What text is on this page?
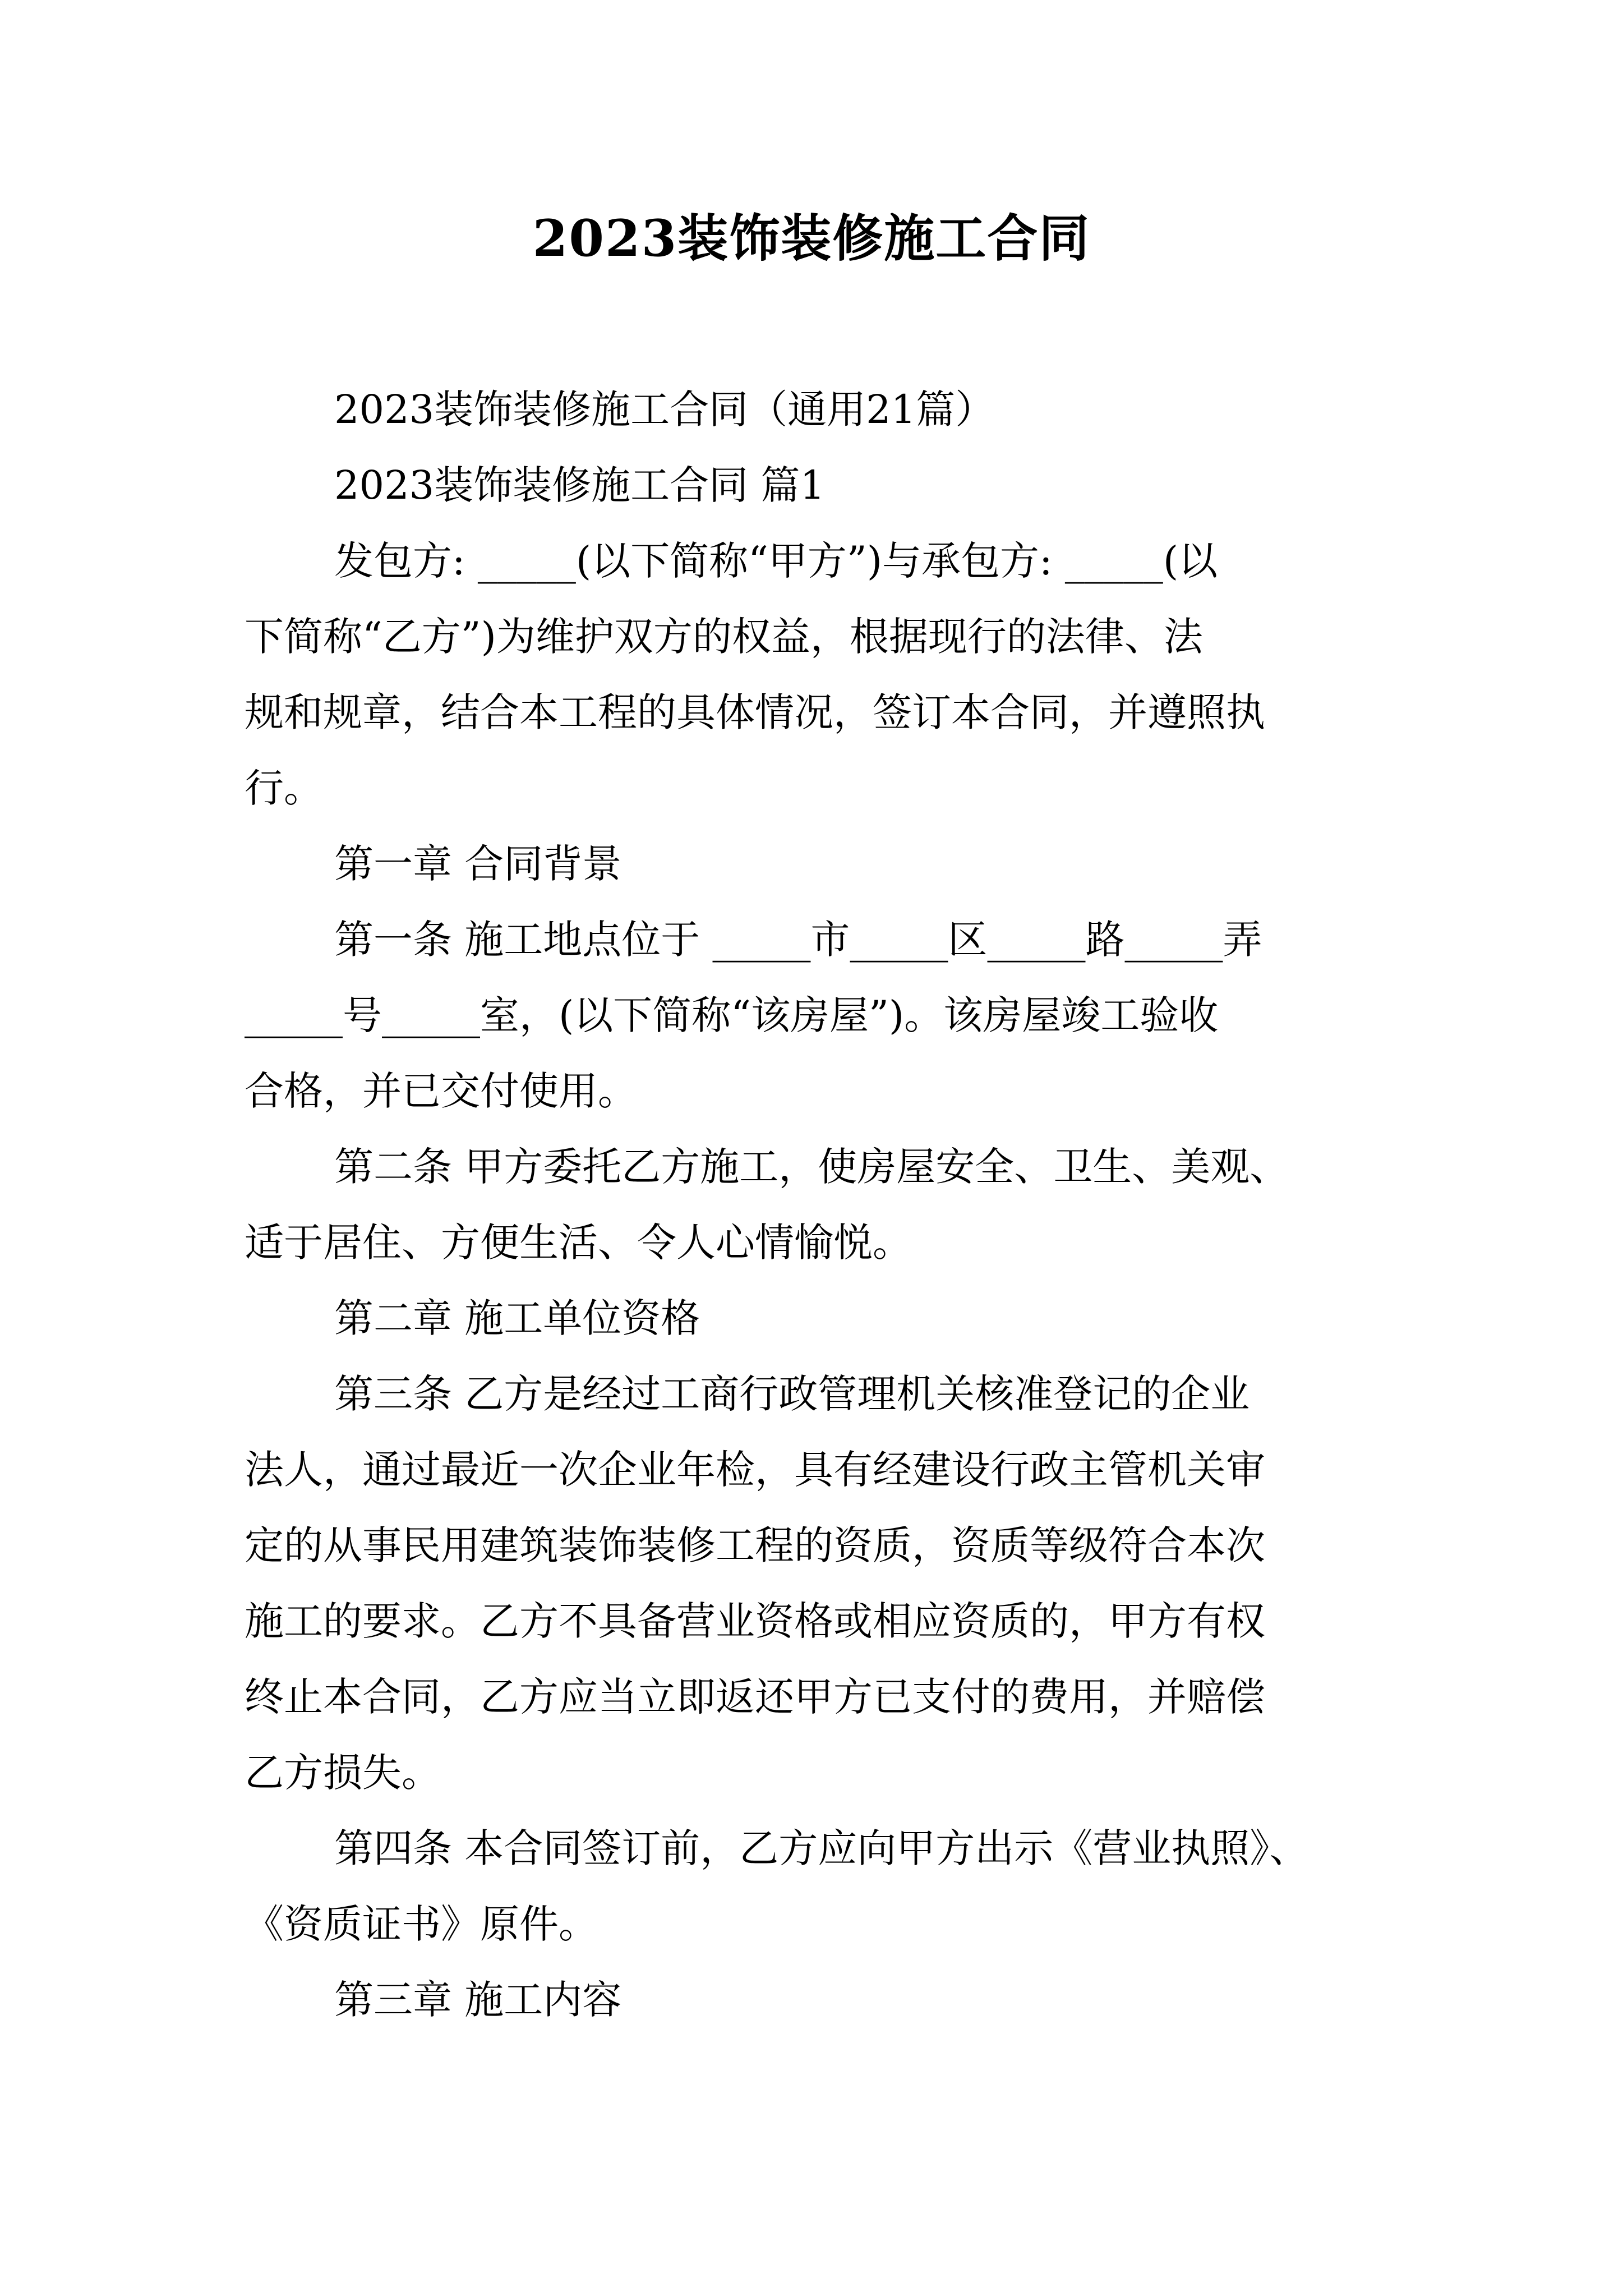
2023装饰装修施工合同

2023装饰装修施工合同（通用21篇）

2023装饰装修施工合同 篇1

发包方: _____(以下简称“甲方”)与承包方: _____(以

下简称“乙方”)为维护双方的权益，根据现行的法律、法

规和规章，结合本工程的具体情况，签订本合同，并遵照执

行。

第一章 合同背景

第一条 施工地点位于 _____市_____区_____路_____弄

_____号_____室，(以下简称“该房屋”)。该房屋竣工验收

合格，并已交付使用。

第二条 甲方委托乙方施工，使房屋安全、卫生、美观、

适于居住、方便生活、令人心情愉悦。

第二章 施工单位资格

第三条 乙方是经过工商行政管理机关核准登记的企业

法人，通过最近一次企业年检，具有经建设行政主管机关审

定的从事民用建筑装饰装修工程的资质，资质等级符合本次

施工的要求。乙方不具备营业资格或相应资质的，甲方有权

终止本合同，乙方应当立即返还甲方已支付的费用，并赔偿

乙方损失。

第四条 本合同签订前，乙方应向甲方出示《营业执照》、

《资质证书》原件。

第三章 施工内容
